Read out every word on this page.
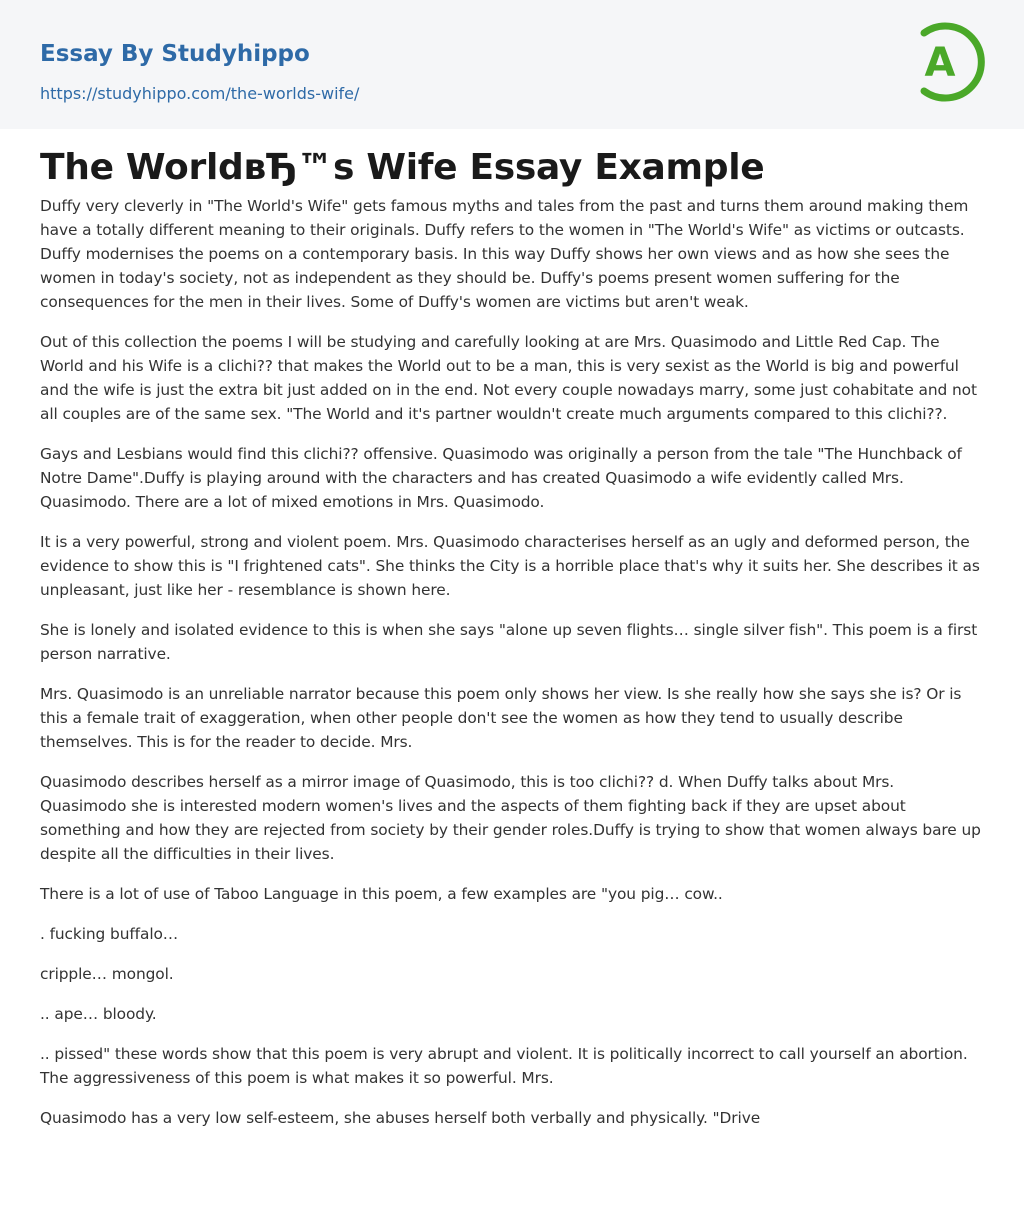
Essay By Studyhippo
https://studyhippo.com/the-worlds-wife/
A
The WorldвЂ™s Wife Essay Example

Duffy very cleverly in "The World's Wife" gets famous myths and tales from the past and turns them around making them have a totally different meaning to their originals. Duffy refers to the women in "The World's Wife" as victims or outcasts. Duffy modernises the poems on a contemporary basis. In this way Duffy shows her own views and as how she sees the women in today's society, not as independent as they should be. Duffy's poems present women suffering for the consequences for the men in their lives. Some of Duffy's women are victims but aren't weak.

Out of this collection the poems I will be studying and carefully looking at are Mrs. Quasimodo and Little Red Cap. The World and his Wife is a clichi?? that makes the World out to be a man, this is very sexist as the World is big and powerful and the wife is just the extra bit just added on in the end. Not every couple nowadays marry, some just cohabitate and not all couples are of the same sex. "The World and it's partner wouldn't create much arguments compared to this clichi??.

Gays and Lesbians would find this clichi?? offensive. Quasimodo was originally a person from the tale "The Hunchback of Notre Dame".Duffy is playing around with the characters and has created Quasimodo a wife evidently called Mrs. Quasimodo. There are a lot of mixed emotions in Mrs. Quasimodo.

It is a very powerful, strong and violent poem. Mrs. Quasimodo characterises herself as an ugly and deformed person, the evidence to show this is "I frightened cats". She thinks the City is a horrible place that's why it suits her. She describes it as unpleasant, just like her - resemblance is shown here.

She is lonely and isolated evidence to this is when she says "alone up seven flights… single silver fish". This poem is a first person narrative.

Mrs. Quasimodo is an unreliable narrator because this poem only shows her view. Is she really how she says she is? Or is this a female trait of exaggeration, when other people don't see the women as how they tend to usually describe themselves. This is for the reader to decide. Mrs.

Quasimodo describes herself as a mirror image of Quasimodo, this is too clichi?? d. When Duffy talks about Mrs. Quasimodo she is interested modern women's lives and the aspects of them fighting back if they are upset about something and how they are rejected from society by their gender roles.Duffy is trying to show that women always bare up despite all the difficulties in their lives.

There is a lot of use of Taboo Language in this poem, a few examples are "you pig… cow..

. fucking buffalo…

cripple… mongol.

.. ape… bloody.

.. pissed" these words show that this poem is very abrupt and violent. It is politically incorrect to call yourself an abortion. The aggressiveness of this poem is what makes it so powerful. Mrs.

Quasimodo has a very low self-esteem, she abuses herself both verbally and physically. "Drive
